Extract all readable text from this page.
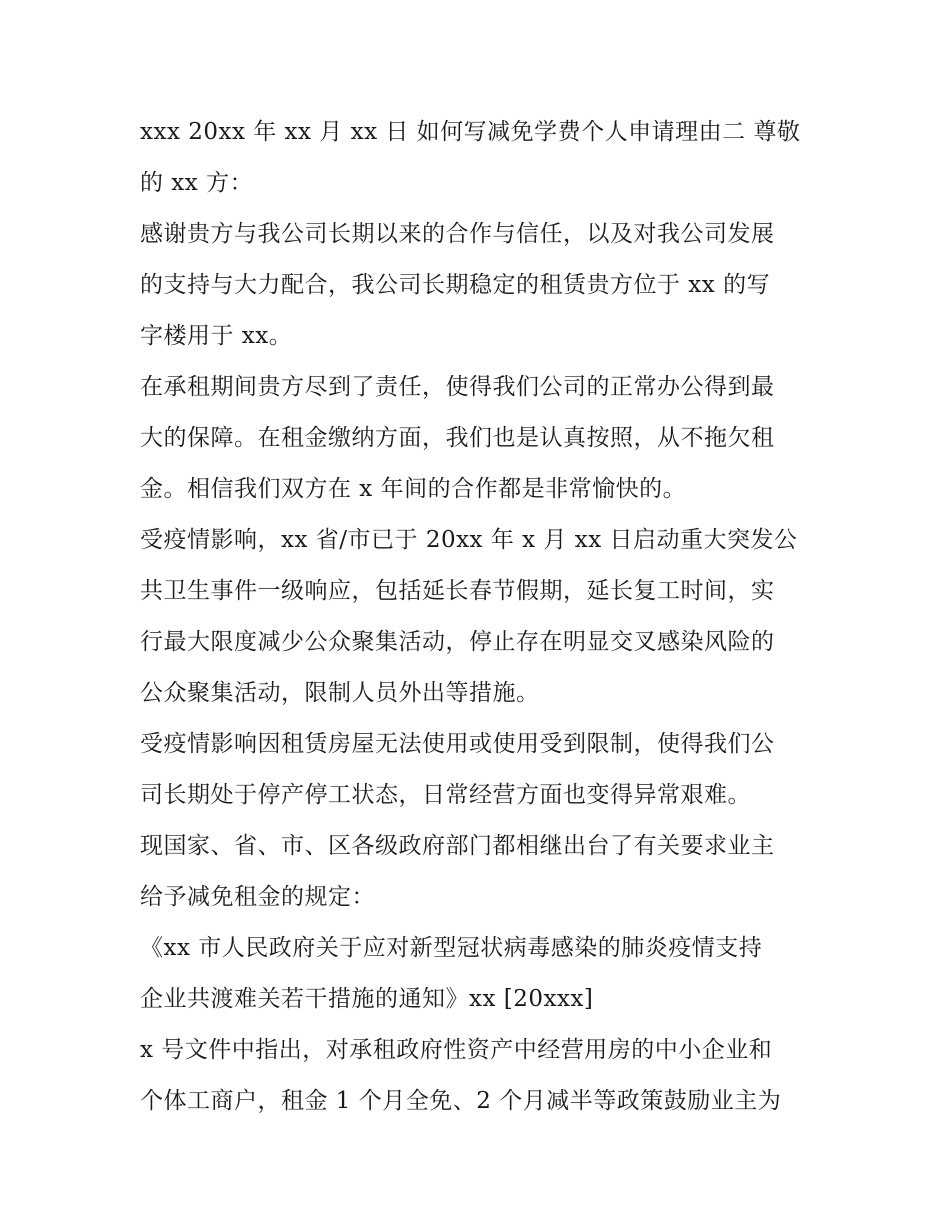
xxx 20xx 年 xx 月 xx 日 如何写减免学费个人申请理由二 尊敬
的 xx 方：
感谢贵方与我公司长期以来的合作与信任，以及对我公司发展
的支持与大力配合，我公司长期稳定的租赁贵方位于 xx 的写
字楼用于 xx。
在承租期间贵方尽到了责任，使得我们公司的正常办公得到最
大的保障。在租金缴纳方面，我们也是认真按照，从不拖欠租
金。相信我们双方在 x 年间的合作都是非常愉快的。
受疫情影响，xx 省/市已于 20xx 年 x 月 xx 日启动重大突发公
共卫生事件一级响应，包括延长春节假期，延长复工时间，实
行最大限度减少公众聚集活动，停止存在明显交叉感染风险的
公众聚集活动，限制人员外出等措施。
受疫情影响因租赁房屋无法使用或使用受到限制，使得我们公
司长期处于停产停工状态，日常经营方面也变得异常艰难。
现国家、省、市、区各级政府部门都相继出台了有关要求业主
给予减免租金的规定：
《xx 市人民政府关于应对新型冠状病毒感染的肺炎疫情支持
企业共渡难关若干措施的通知》xx [20xxx]
x 号文件中指出，对承租政府性资产中经营用房的中小企业和
个体工商户，租金 1 个月全免、2 个月减半等政策鼓励业主为
